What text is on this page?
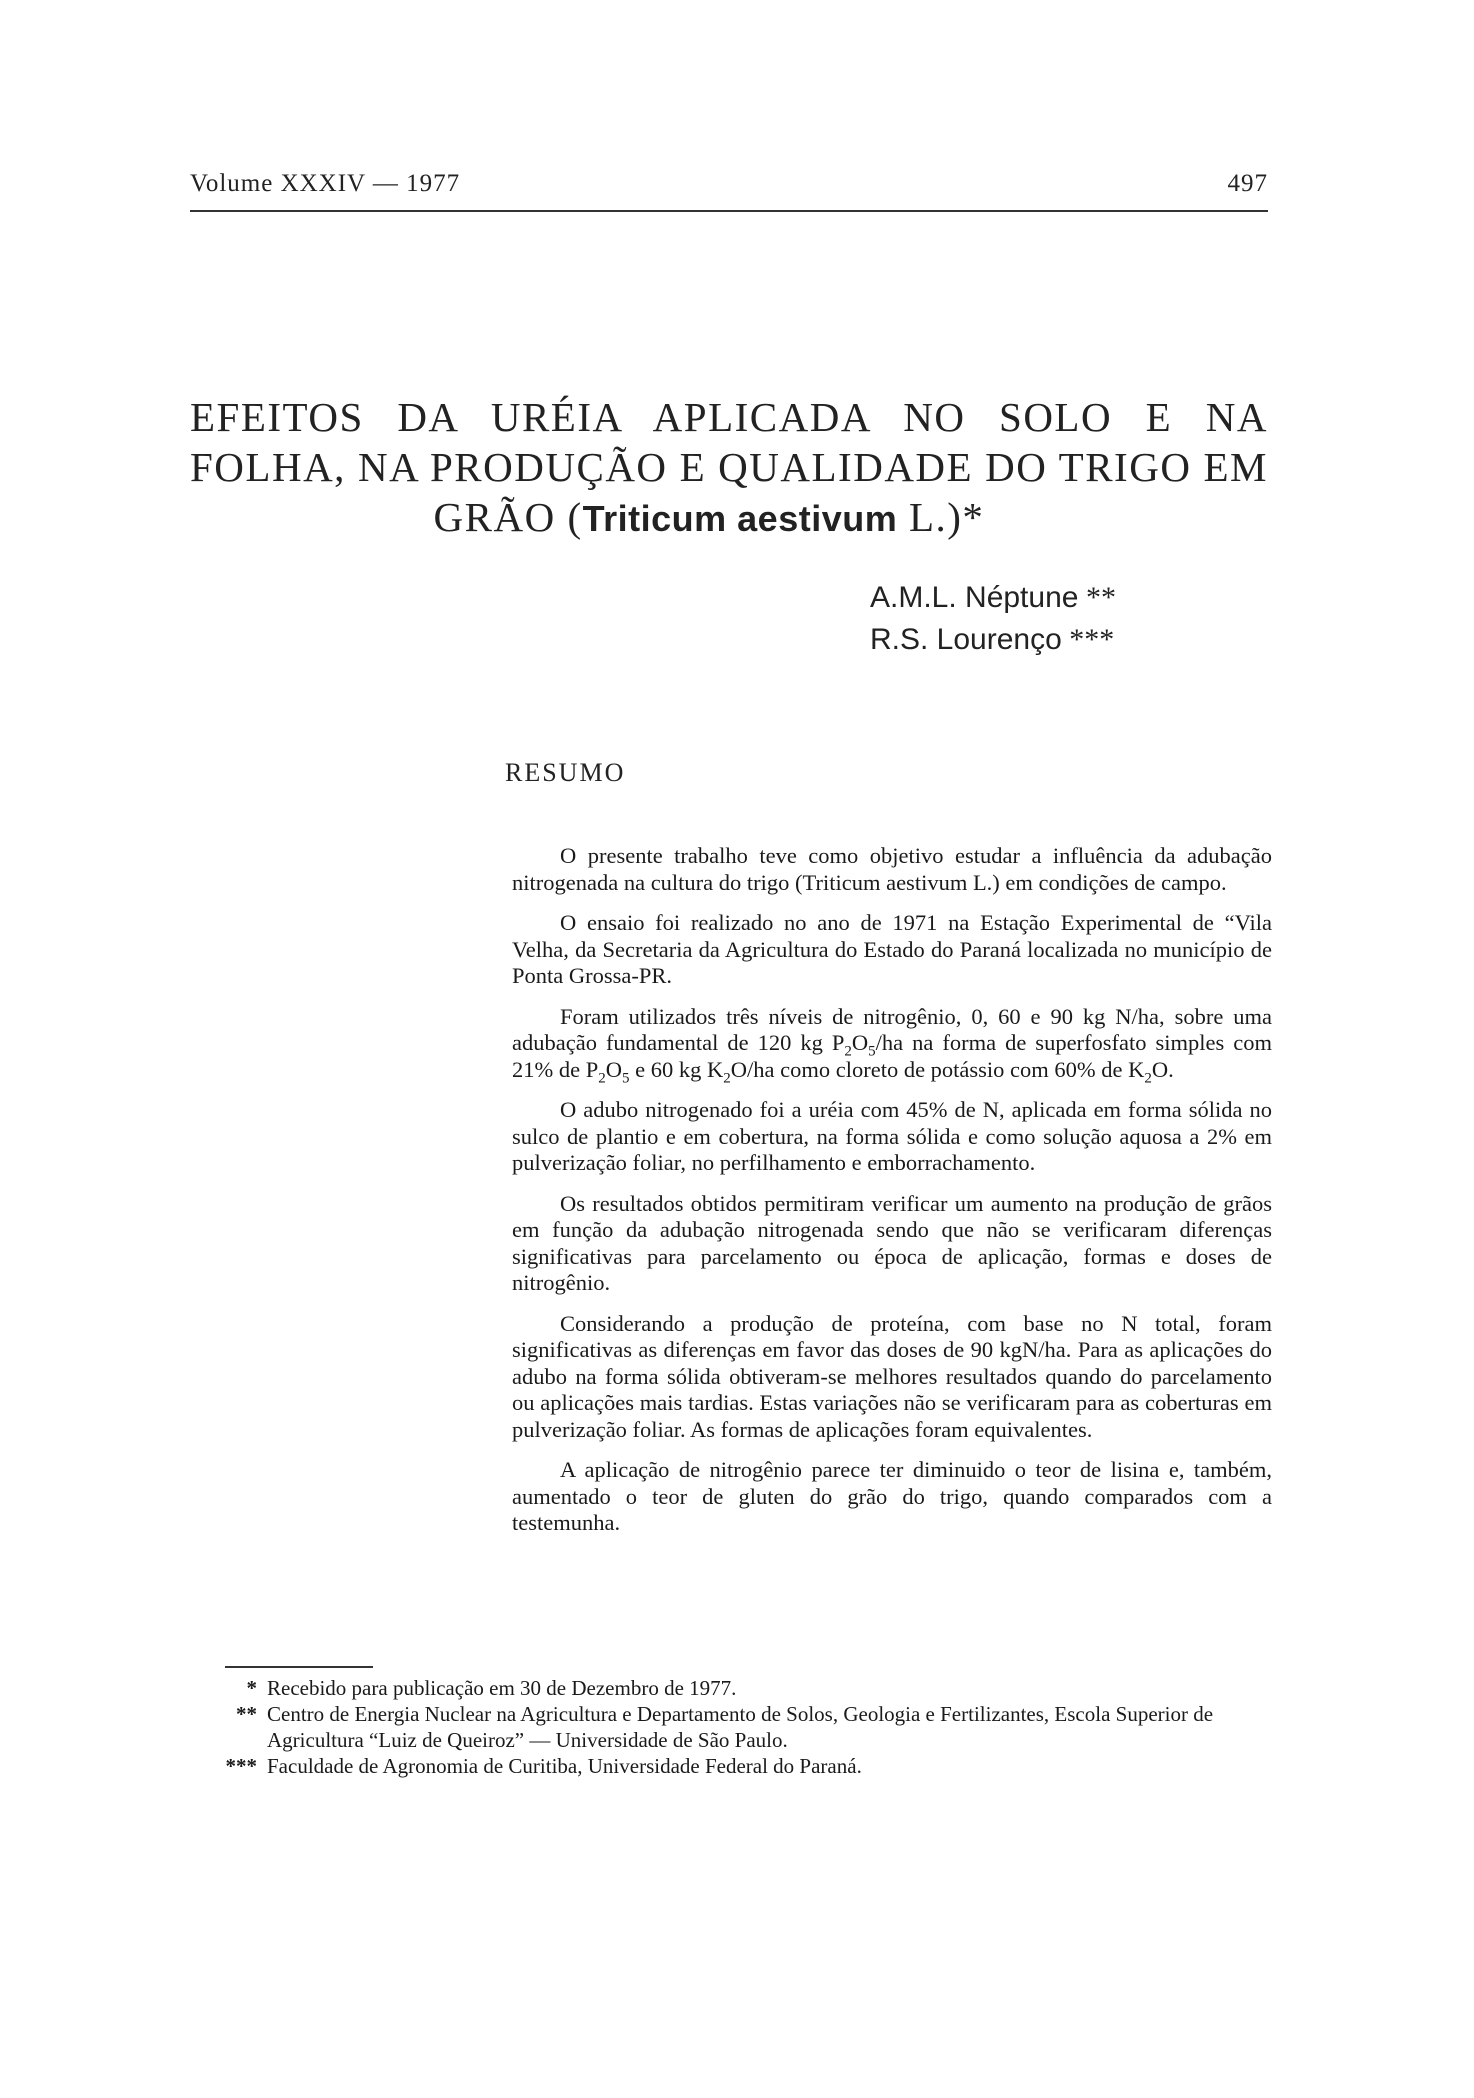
Volume XXXIV — 1977	497
EFEITOS DA URÉIA APLICADA NO SOLO E NA
FOLHA, NA PRODUÇÃO E QUALIDADE DO TRIGO EM
GRÃO (Triticum aestivum L.)*
A.M.L. Néptune **
R.S. Lourenço ***
RESUMO

O presente trabalho teve como objetivo estudar a influência da adubação nitrogenada na cultura do trigo (Triticum aestivum L.) em condições de campo.

O ensaio foi realizado no ano de 1971 na Estação Experimental de “Vila Velha, da Secretaria da Agricultura do Estado do Paraná localizada no município de Ponta Grossa-PR.

Foram utilizados três níveis de nitrogênio, 0, 60 e 90 kg N/ha, sobre uma adubação fundamental de 120 kg $P_2O_5/ha$ na forma de superfosfato simples com 21% de $P_2O_5$ e 60 kg $K_2O/ha$ como cloreto de potássio com 60% de $K_2O$.

O adubo nitrogenado foi a uréia com 45% de N, aplicada em forma sólida no sulco de plantio e em cobertura, na forma sólida e como solução aquosa a 2% em pulverização foliar, no perfilhamento e emborrachamento.

Os resultados obtidos permitiram verificar um aumento na produção de grãos em função da adubação nitrogenada sendo que não se verificaram diferenças significativas para parcelamento ou época de aplicação, formas e doses de nitrogênio.

Considerando a produção de proteína, com base no N total, foram significativas as diferenças em favor das doses de 90 kgN/ha. Para as aplicações do adubo na forma sólida obtiveram-se melhores resultados quando do parcelamento ou aplicações mais tardias. Estas variações não se verificaram para as coberturas em pulverização foliar. As formas de aplicações foram equivalentes.

A aplicação de nitrogênio parece ter diminuido o teor de lisina e, também, aumentado o teor de gluten do grão do trigo, quando comparados com a testemunha.

* Recebido para publicação em 30 de Dezembro de 1977.
** Centro de Energia Nuclear na Agricultura e Departamento de Solos, Geologia e Fertilizantes, Escola Superior de Agricultura “Luiz de Queiroz” — Universidade de São Paulo.
*** Faculdade de Agronomia de Curitiba, Universidade Federal do Paraná.
